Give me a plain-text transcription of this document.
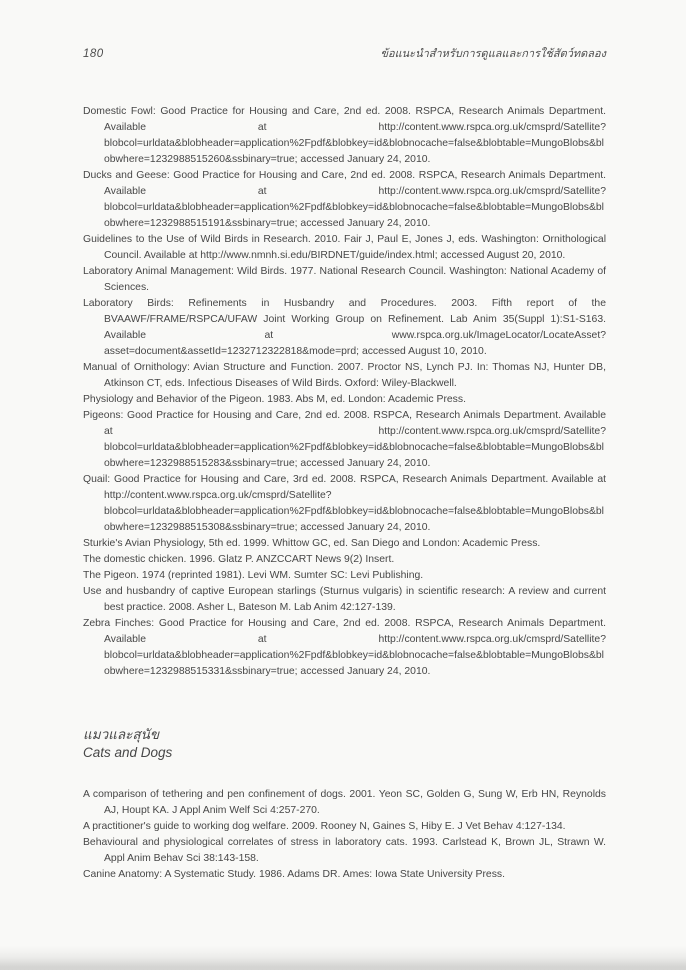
180	ข้อแนะนำสำหรับการดูแลและการใช้สัตว์ทดลอง

Domestic Fowl: Good Practice for Housing and Care, 2nd ed. 2008. RSPCA, Research Animals Department. Available at http://content.www.rspca.org.uk/cmsprd/Satellite?blobcol=urldata&blobheader=application%2Fpdf&blobkey=id&blobnocache=false&blobtable=MungoBlobs&blobwhere=1232988515260&ssbinary=true; accessed January 24, 2010.

Ducks and Geese: Good Practice for Housing and Care, 2nd ed. 2008. RSPCA, Research Animals Department. Available at http://content.www.rspca.org.uk/cmsprd/Satellite?blobcol=urldata&blobheader=application%2Fpdf&blobkey=id&blobnocache=false&blobtable=MungoBlobs&blobwhere=1232988515191&ssbinary=true; accessed January 24, 2010.

Guidelines to the Use of Wild Birds in Research. 2010. Fair J, Paul E, Jones J, eds. Washington: Ornithological Council. Available at http://www.nmnh.si.edu/BIRDNET/guide/index.html; accessed August 20, 2010.

Laboratory Animal Management: Wild Birds. 1977. National Research Council. Washington: National Academy of Sciences.

Laboratory Birds: Refinements in Husbandry and Procedures. 2003. Fifth report of the BVAAWF/FRAME/RSPCA/UFAW Joint Working Group on Refinement. Lab Anim 35(Suppl 1):S1-S163. Available at www.rspca.org.uk/ImageLocator/LocateAsset?asset=document&assetId=1232712322818&mode=prd; accessed August 10, 2010.

Manual of Ornithology: Avian Structure and Function. 2007. Proctor NS, Lynch PJ. In: Thomas NJ, Hunter DB, Atkinson CT, eds. Infectious Diseases of Wild Birds. Oxford: Wiley-Blackwell.

Physiology and Behavior of the Pigeon. 1983. Abs M, ed. London: Academic Press.

Pigeons: Good Practice for Housing and Care, 2nd ed. 2008. RSPCA, Research Animals Department. Available at http://content.www.rspca.org.uk/cmsprd/Satellite?blobcol=urldata&blobheader=application%2Fpdf&blobkey=id&blobnocache=false&blobtable=MungoBlobs&blobwhere=1232988515283&ssbinary=true; accessed January 24, 2010.

Quail: Good Practice for Housing and Care, 3rd ed. 2008. RSPCA, Research Animals Department. Available at http://content.www.rspca.org.uk/cmsprd/Satellite?blobcol=urldata&blobheader=application%2Fpdf&blobkey=id&blobnocache=false&blobtable=MungoBlobs&blobwhere=1232988515308&ssbinary=true; accessed January 24, 2010.

Sturkie's Avian Physiology, 5th ed. 1999. Whittow GC, ed. San Diego and London: Academic Press.

The domestic chicken. 1996. Glatz P. ANZCCART News 9(2) Insert.

The Pigeon. 1974 (reprinted 1981). Levi WM. Sumter SC: Levi Publishing.

Use and husbandry of captive European starlings (Sturnus vulgaris) in scientific research: A review and current best practice. 2008. Asher L, Bateson M. Lab Anim 42:127-139.

Zebra Finches: Good Practice for Housing and Care, 2nd ed. 2008. RSPCA, Research Animals Department. Available at http://content.www.rspca.org.uk/cmsprd/Satellite?blobcol=urldata&blobheader=application%2Fpdf&blobkey=id&blobnocache=false&blobtable=MungoBlobs&blobwhere=1232988515331&ssbinary=true; accessed January 24, 2010.

แมวและสุนัข
Cats and Dogs

A comparison of tethering and pen confinement of dogs. 2001. Yeon SC, Golden G, Sung W, Erb HN, Reynolds AJ, Houpt KA. J Appl Anim Welf Sci 4:257-270.

A practitioner's guide to working dog welfare. 2009. Rooney N, Gaines S, Hiby E. J Vet Behav 4:127-134.

Behavioural and physiological correlates of stress in laboratory cats. 1993. Carlstead K, Brown JL, Strawn W. Appl Anim Behav Sci 38:143-158.

Canine Anatomy: A Systematic Study. 1986. Adams DR. Ames: Iowa State University Press.
